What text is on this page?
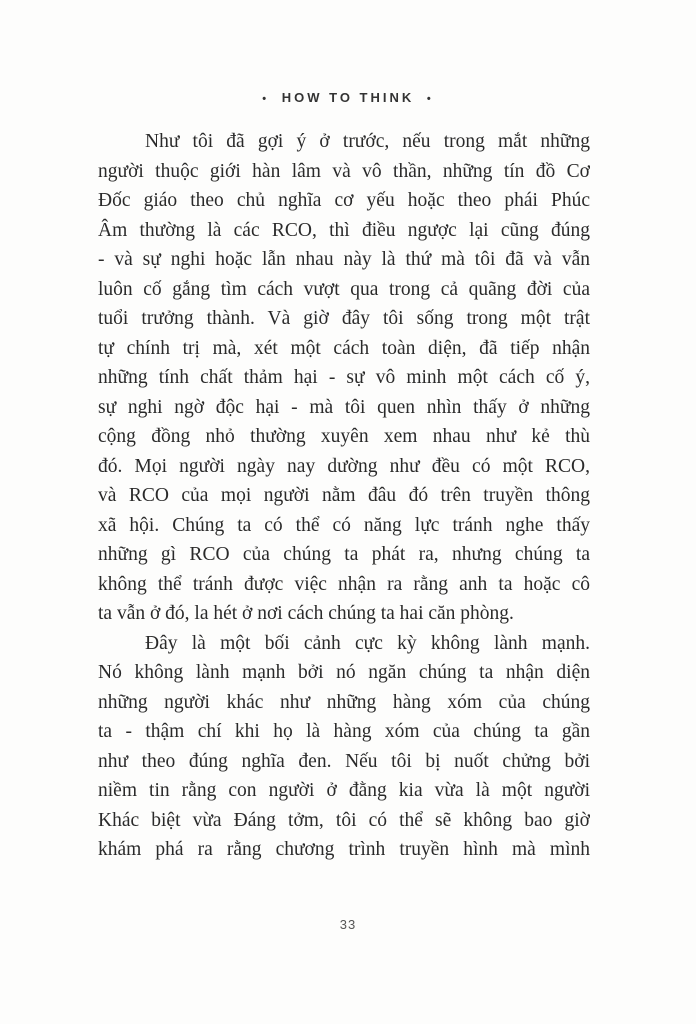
• HOW TO THINK •
Như tôi đã gợi ý ở trước, nếu trong mắt những
người thuộc giới hàn lâm và vô thần, những tín đồ Cơ
Đốc giáo theo chủ nghĩa cơ yếu hoặc theo phái Phúc
Âm thường là các RCO, thì điều ngược lại cũng đúng
- và sự nghi hoặc lẫn nhau này là thứ mà tôi đã và vẫn
luôn cố gắng tìm cách vượt qua trong cả quãng đời của
tuổi trưởng thành. Và giờ đây tôi sống trong một trật
tự chính trị mà, xét một cách toàn diện, đã tiếp nhận
những tính chất thảm hại - sự vô minh một cách cố ý,
sự nghi ngờ độc hại - mà tôi quen nhìn thấy ở những
cộng đồng nhỏ thường xuyên xem nhau như kẻ thù
đó. Mọi người ngày nay dường như đều có một RCO,
và RCO của mọi người nằm đâu đó trên truyền thông
xã hội. Chúng ta có thể có năng lực tránh nghe thấy
những gì RCO của chúng ta phát ra, nhưng chúng ta
không thể tránh được việc nhận ra rằng anh ta hoặc cô
ta vẫn ở đó, la hét ở nơi cách chúng ta hai căn phòng.
Đây là một bối cảnh cực kỳ không lành mạnh.
Nó không lành mạnh bởi nó ngăn chúng ta nhận diện
những người khác như những hàng xóm của chúng
ta - thậm chí khi họ là hàng xóm của chúng ta gần
như theo đúng nghĩa đen. Nếu tôi bị nuốt chửng bởi
niềm tin rằng con người ở đằng kia vừa là một người
Khác biệt vừa Đáng tởm, tôi có thể sẽ không bao giờ
khám phá ra rằng chương trình truyền hình mà mình
33
